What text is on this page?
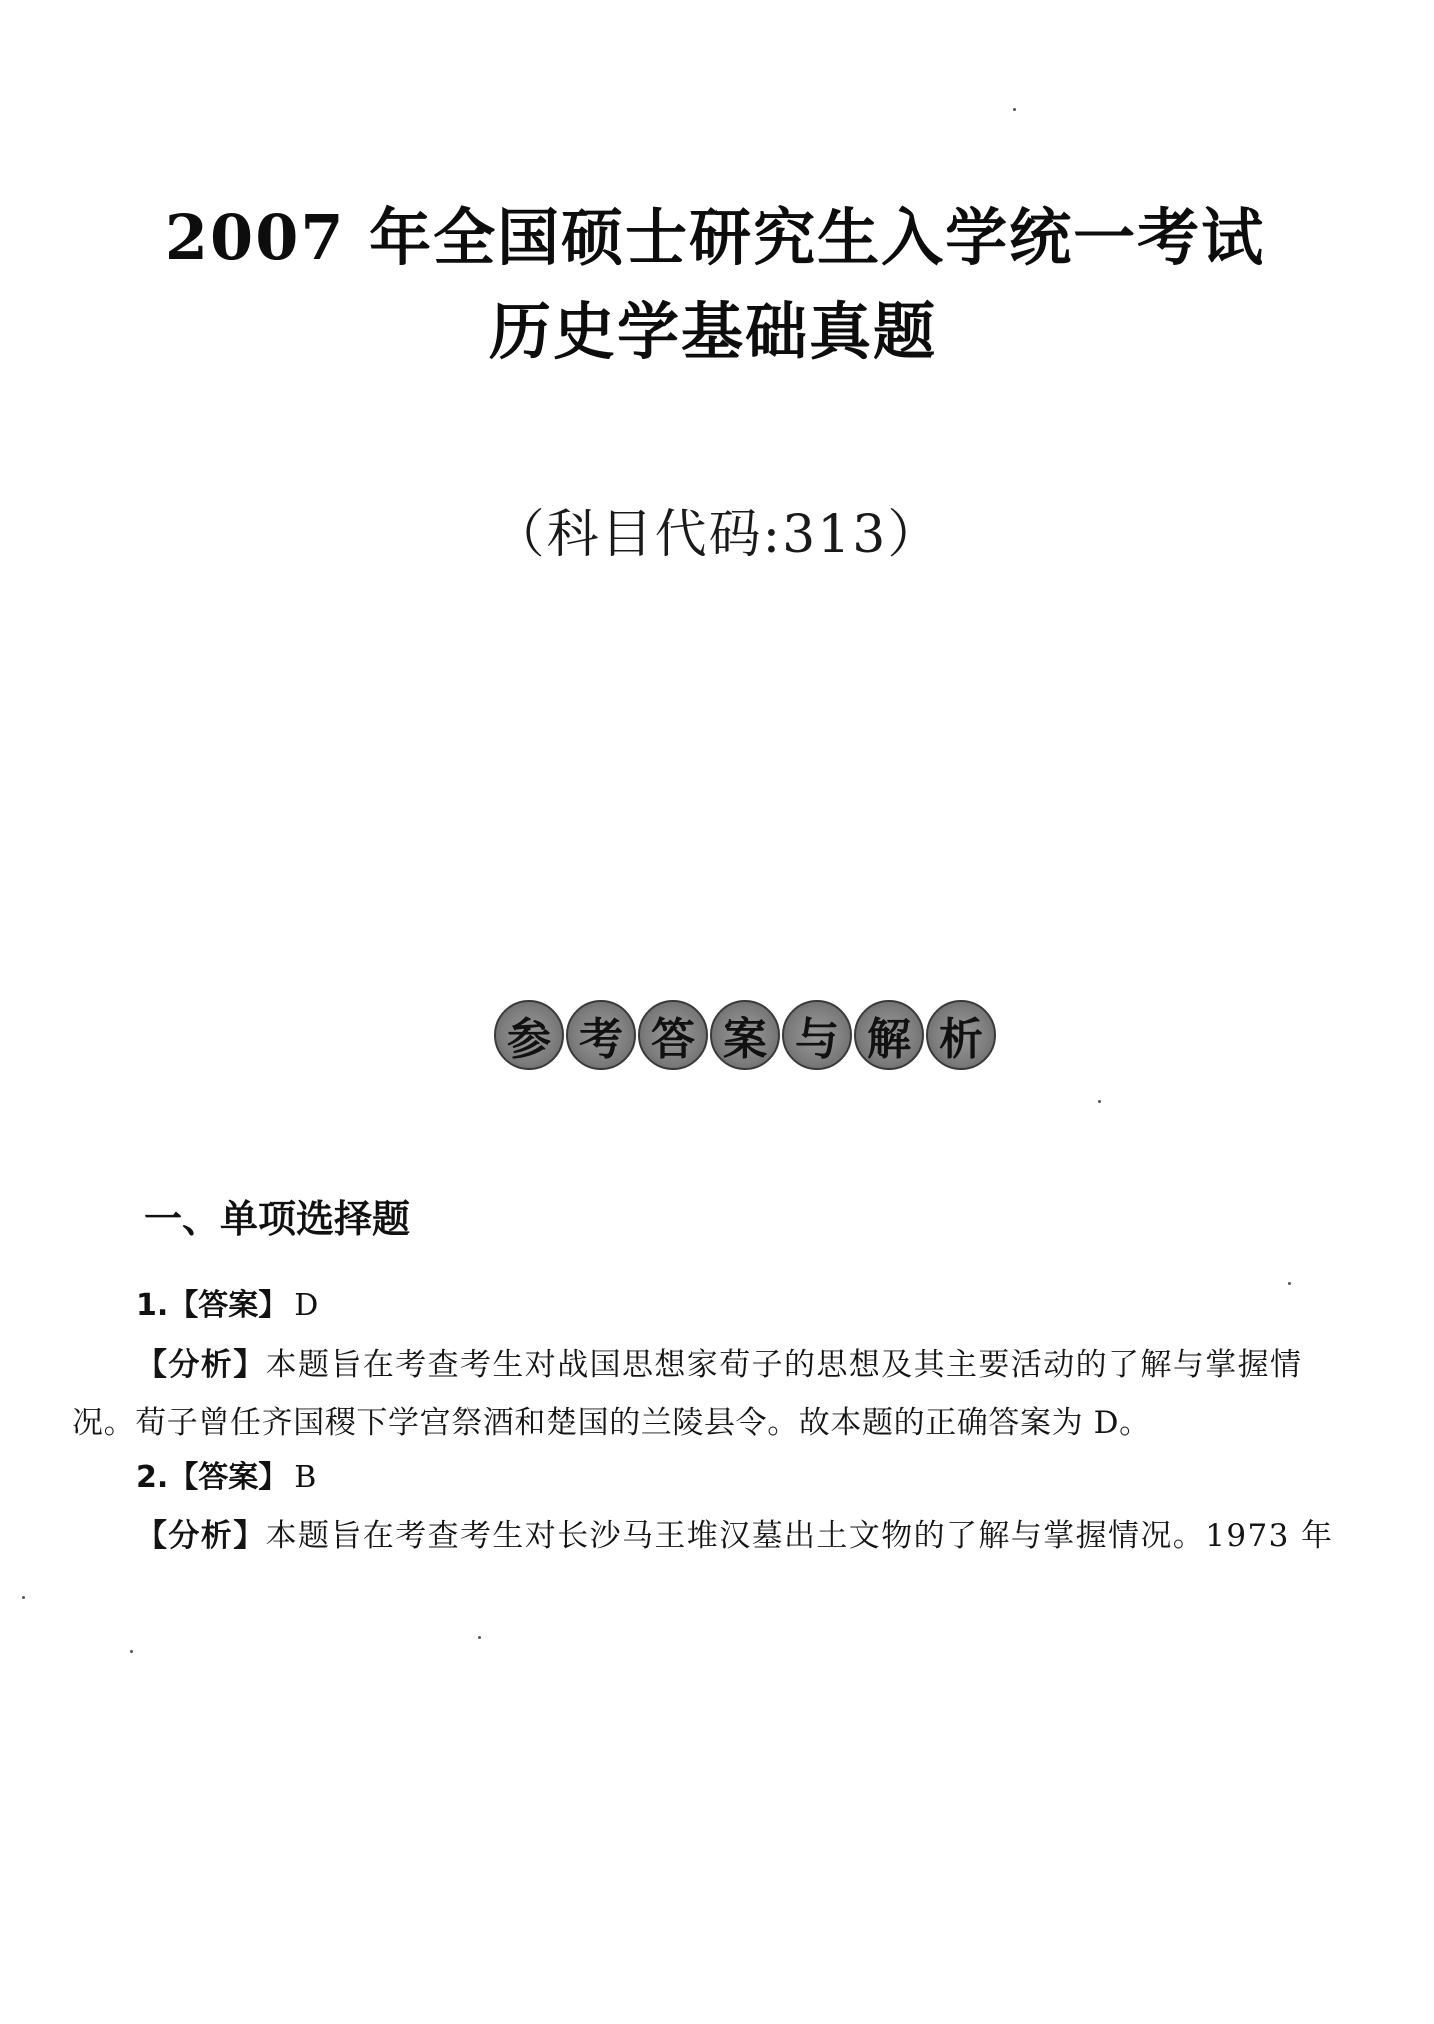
2007 年全国硕士研究生入学统一考试
历史学基础真题
（科目代码:313）
参 考 答 案 与 解 析
一、单项选择题
1.【答案】 D
【分析】本题旨在考查考生对战国思想家荀子的思想及其主要活动的了解与掌握情
况。荀子曾任齐国稷下学宫祭酒和楚国的兰陵县令。故本题的正确答案为 D。
2.【答案】 B
【分析】本题旨在考查考生对长沙马王堆汉墓出土文物的了解与掌握情况。1973 年
